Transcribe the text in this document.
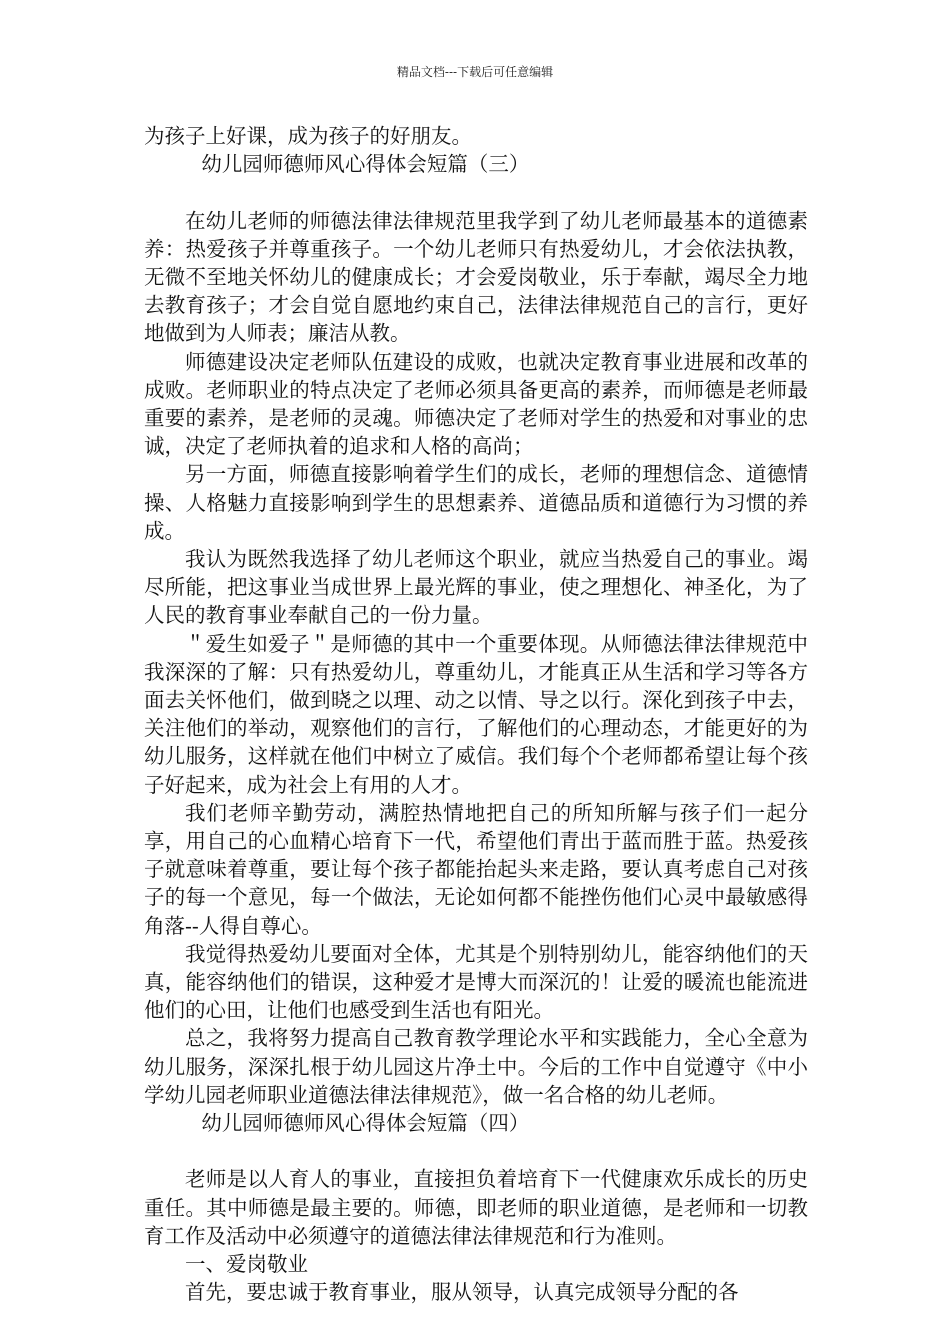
精品文档---下载后可任意编辑

为孩子上好课，成为孩子的好朋友。

幼儿园师德师风心得体会短篇（三）

在幼儿老师的师德法律法律规范里我学到了幼儿老师最基本的道德素养：热爱孩子并尊重孩子。一个幼儿老师只有热爱幼儿，才会依法执教，无微不至地关怀幼儿的健康成长；才会爱岗敬业，乐于奉献，竭尽全力地去教育孩子；才会自觉自愿地约束自己，法律法律规范自己的言行，更好地做到为人师表；廉洁从教。

师德建设决定老师队伍建设的成败，也就决定教育事业进展和改革的成败。老师职业的特点决定了老师必须具备更高的素养，而师德是老师最重要的素养，是老师的灵魂。师德决定了老师对学生的热爱和对事业的忠诚，决定了老师执着的追求和人格的高尚；

另一方面，师德直接影响着学生们的成长，老师的理想信念、道德情操、人格魅力直接影响到学生的思想素养、道德品质和道德行为习惯的养成。

我认为既然我选择了幼儿老师这个职业，就应当热爱自己的事业。竭尽所能，把这事业当成世界上最光辉的事业，使之理想化、神圣化，为了人民的教育事业奉献自己的一份力量。

＂爱生如爱子＂是师德的其中一个重要体现。从师德法律法律规范中我深深的了解：只有热爱幼儿，尊重幼儿，才能真正从生活和学习等各方面去关怀他们，做到晓之以理、动之以情、导之以行。深化到孩子中去，关注他们的举动，观察他们的言行，了解他们的心理动态，才能更好的为幼儿服务，这样就在他们中树立了威信。我们每个个老师都希望让每个孩子好起来，成为社会上有用的人才。

我们老师辛勤劳动，满腔热情地把自己的所知所解与孩子们一起分享，用自己的心血精心培育下一代，希望他们青出于蓝而胜于蓝。热爱孩子就意味着尊重，要让每个孩子都能抬起头来走路，要认真考虑自己对孩子的每一个意见，每一个做法，无论如何都不能挫伤他们心灵中最敏感得角落--人得自尊心。

我觉得热爱幼儿要面对全体，尤其是个别特别幼儿，能容纳他们的天真，能容纳他们的错误，这种爱才是博大而深沉的！让爱的暖流也能流进他们的心田，让他们也感受到生活也有阳光。

总之，我将努力提高自己教育教学理论水平和实践能力，全心全意为幼儿服务，深深扎根于幼儿园这片净土中。今后的工作中自觉遵守《中小学幼儿园老师职业道德法律法律规范》，做一名合格的幼儿老师。

幼儿园师德师风心得体会短篇（四）

老师是以人育人的事业，直接担负着培育下一代健康欢乐成长的历史重任。其中师德是最主要的。师德，即老师的职业道德，是老师和一切教育工作及活动中必须遵守的道德法律法律规范和行为准则。

一、爱岗敬业

首先，要忠诚于教育事业，服从领导，认真完成领导分配的各
